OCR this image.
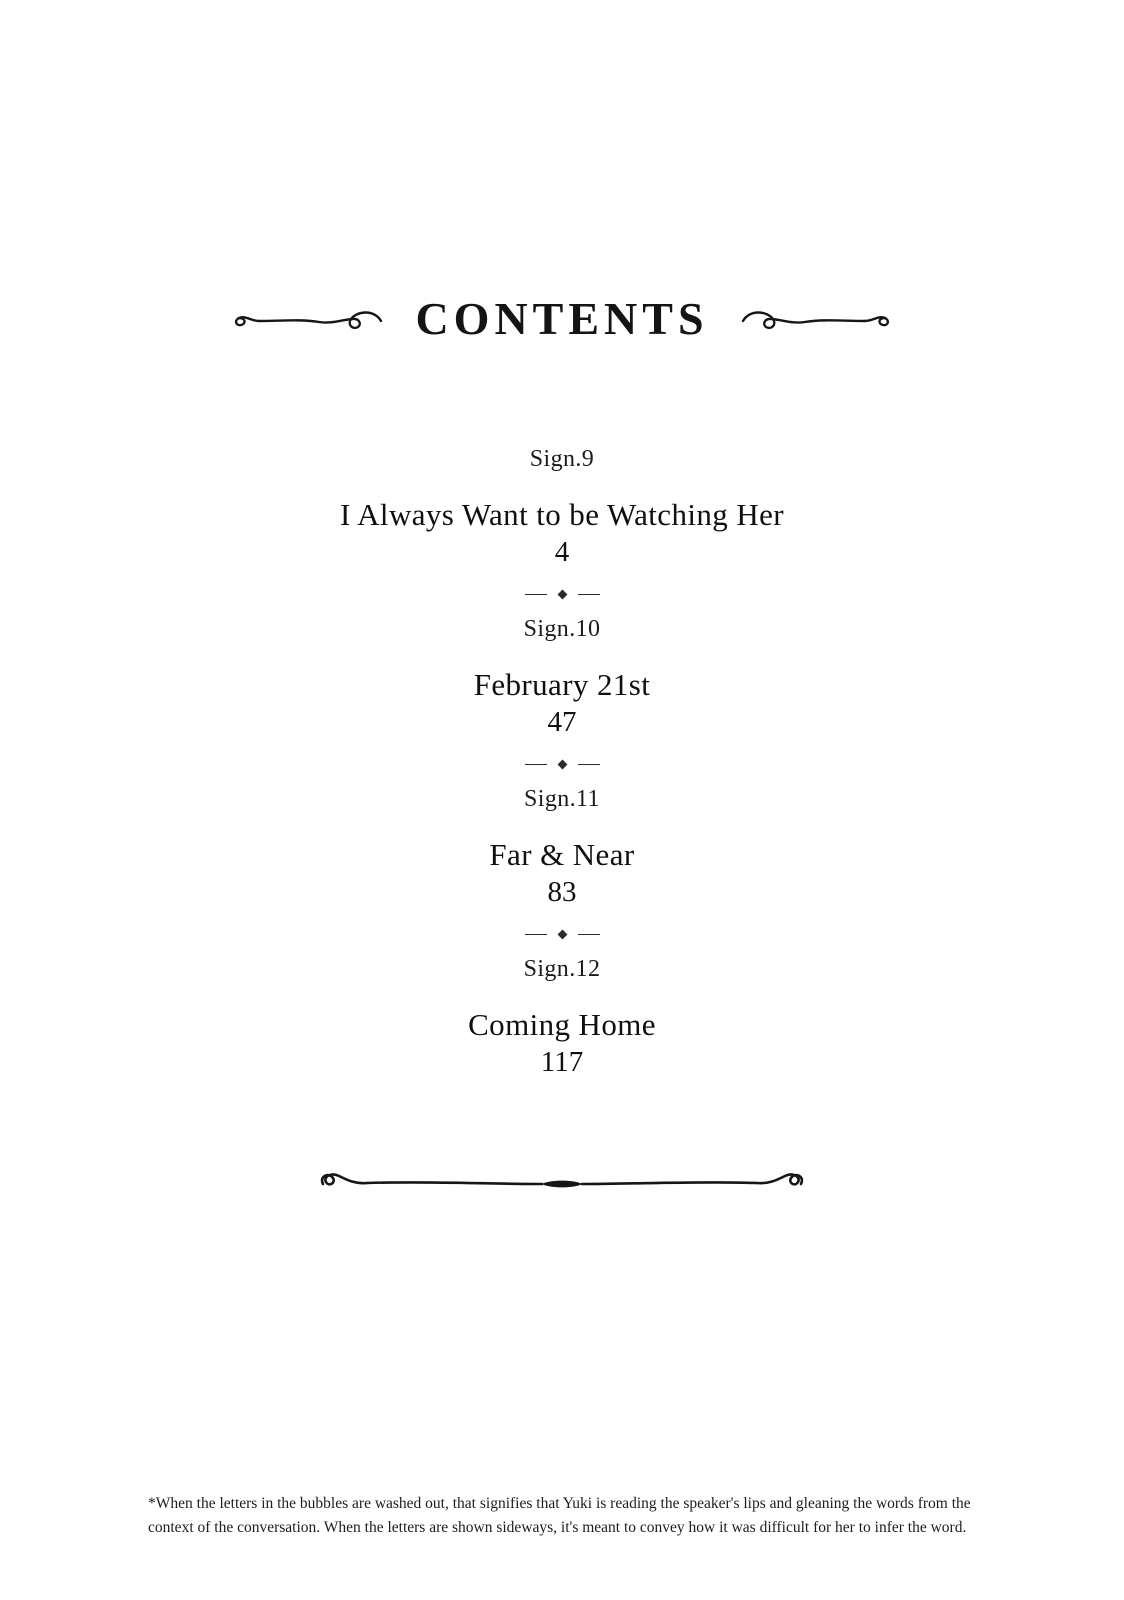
CONTENTS

Sign.9

I Always Want to be Watching Her

4

Sign.10

February 21st

47

Sign.11

Far & Near

83

Sign.12

Coming Home

117

*When the letters in the bubbles are washed out, that signifies that Yuki is reading the speaker's lips and gleaning the words from the context of the conversation. When the letters are shown sideways, it's meant to convey how it was difficult for her to infer the word.
